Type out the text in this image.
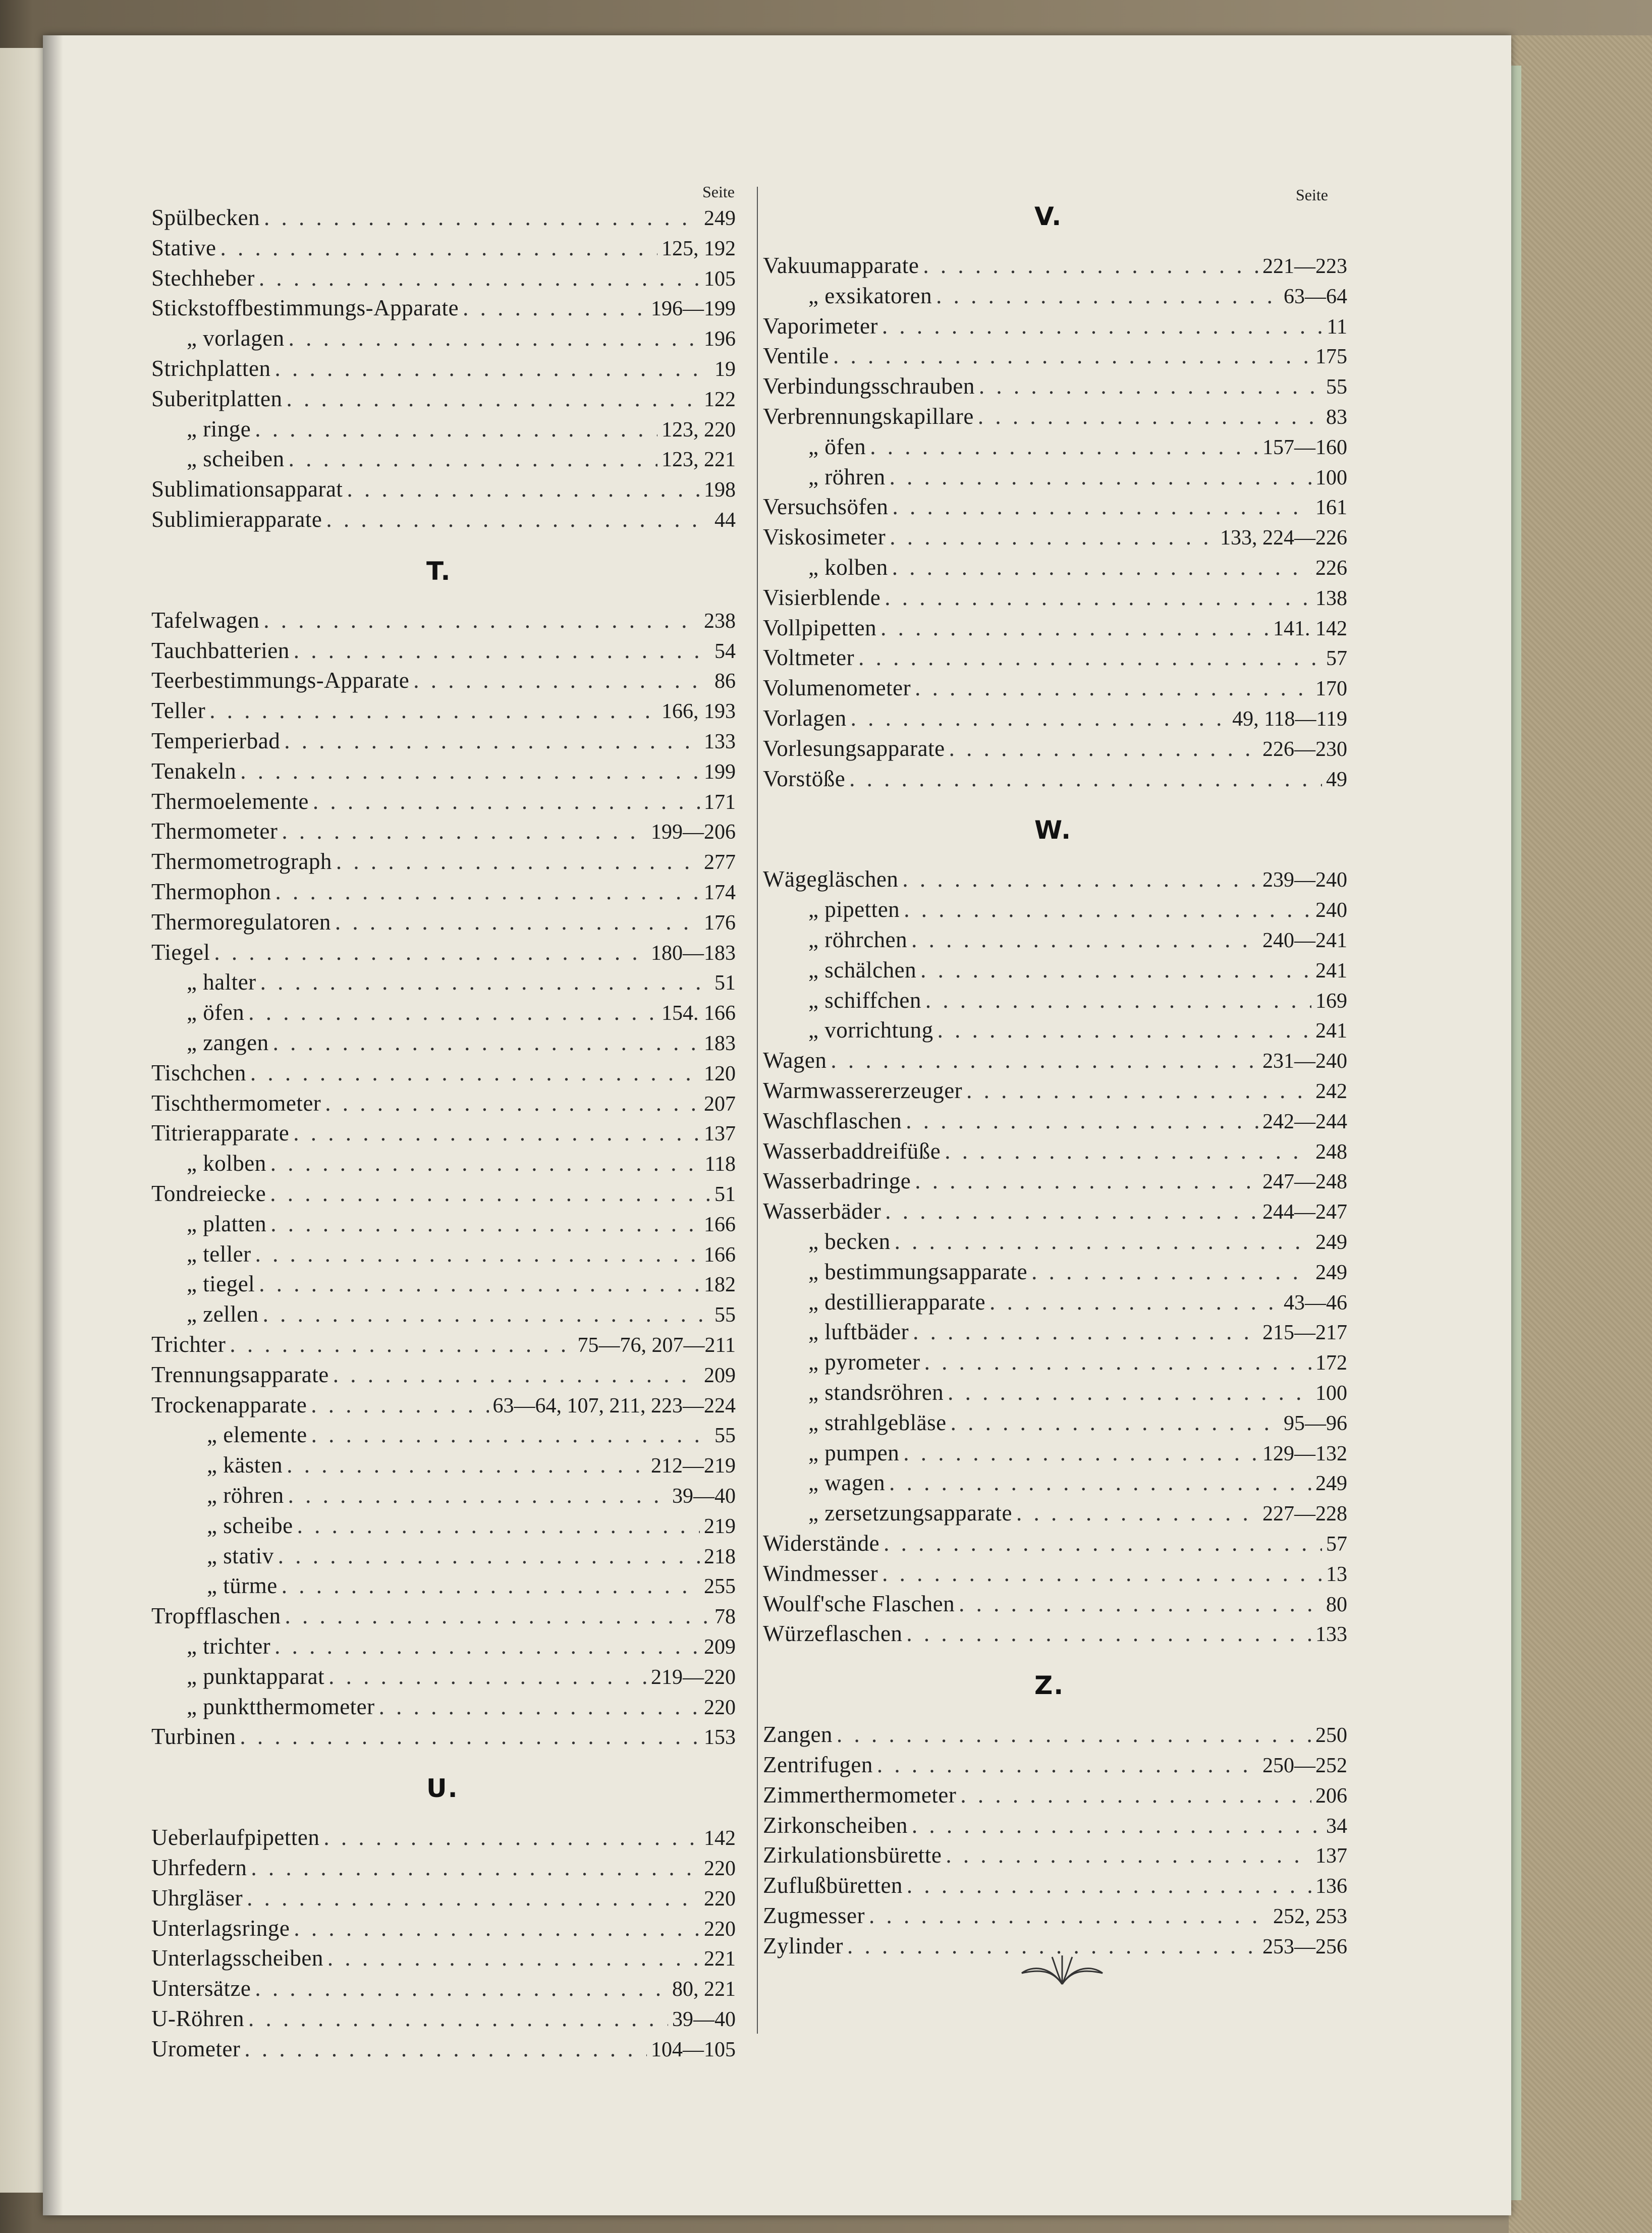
Seite	Seite
Spülbecken . . .	249
Stative . . .	125, 192
Stechheber . . .	105
Stickstoffbestimmungs-Apparate . . .	196—199
„ vorlagen . . .	196
Strichplatten . . .	19
Suberitplatten . . .	122
„ ringe . . .	123, 220
„ scheiben . . .	123, 221
Sublimationsapparat . . .	198
Sublimierapparate . . .	44
T.
Tafelwagen . . .	238
Tauchbatterien . . .	54
Teerbestimmungs-Apparate . . .	86
Teller . . .	166, 193
Temperierbad . . .	133
Tenakeln . . .	199
Thermoelemente . . .	171
Thermometer . . .	199—206
Thermometrograph . . .	277
Thermophon . . .	174
Thermoregulatoren . . .	176
Tiegel . . .	180—183
„ halter . . .	51
„ öfen . . .	154. 166
„ zangen . . .	183
Tischchen . . .	120
Tischthermometer . . .	207
Titrierapparate . . .	137
„ kolben . . .	118
Tondreiecke . . .	51
„ platten . . .	166
„ teller . . .	166
„ tiegel . . .	182
„ zellen . . .	55
Trichter . . .	75—76, 207—211
Trennungsapparate . . .	209
Trockenapparate . . .	63—64, 107, 211, 223—224
„ elemente . . .	55
„ kästen . . .	212—219
„ röhren . . .	39—40
„ scheibe . . .	219
„ stativ . . .	218
„ türme . . .	255
Tropfflaschen . . .	78
„ trichter . . .	209
„ punktapparat . . .	219—220
„ punktthermometer . . .	220
Turbinen . . .	153
U.
Ueberlaufpipetten . . .	142
Uhrfedern . . .	220
Uhrgläser . . .	220
Unterlagsringe . . .	220
Unterlagsscheiben . . .	221
Untersätze . . .	80, 221
U-Röhren . . .	39—40
Urometer . . .	104—105
V.
Vakuumapparate . . .	221—223
„ exsikatoren . . .	63—64
Vaporimeter . . .	11
Ventile . . .	175
Verbindungsschrauben . . .	55
Verbrennungskapillare . . .	83
„ öfen . . .	157—160
„ röhren . . .	100
Versuchsöfen . . .	161
Viskosimeter . . .	133, 224—226
„ kolben . . .	226
Visierblende . . .	138
Vollpipetten . . .	141. 142
Voltmeter . . .	57
Volumenometer . . .	170
Vorlagen . . .	49, 118—119
Vorlesungsapparate . . .	226—230
Vorstöße . . .	49
W.
Wägegläschen . . .	239—240
„ pipetten . . .	240
„ röhrchen . . .	240—241
„ schälchen . . .	241
„ schiffchen . . .	169
„ vorrichtung . . .	241
Wagen . . .	231—240
Warmwassererzeuger . . .	242
Waschflaschen . . .	242—244
Wasserbaddreifüße . . .	248
Wasserbadringe . . .	247—248
Wasserbäder . . .	244—247
„ becken . . .	249
„ bestimmungsapparate . . .	249
„ destillierapparate . . .	43—46
„ luftbäder . . .	215—217
„ pyrometer . . .	172
„ standsröhren . . .	100
„ strahlgebläse . . .	95—96
„ pumpen . . .	129—132
„ wagen . . .	249
„ zersetzungsapparate . . .	227—228
Widerstände . . .	57
Windmesser . . .	13
Woulf'sche Flaschen . . .	80
Würzeflaschen . . .	133
Z.
Zangen . . .	250
Zentrifugen . . .	250—252
Zimmerthermometer . . .	206
Zirkonscheiben . . .	34
Zirkulationsbürette . . .	137
Zuflußbüretten . . .	136
Zugmesser . . .	252, 253
Zylinder . . .	253—256
